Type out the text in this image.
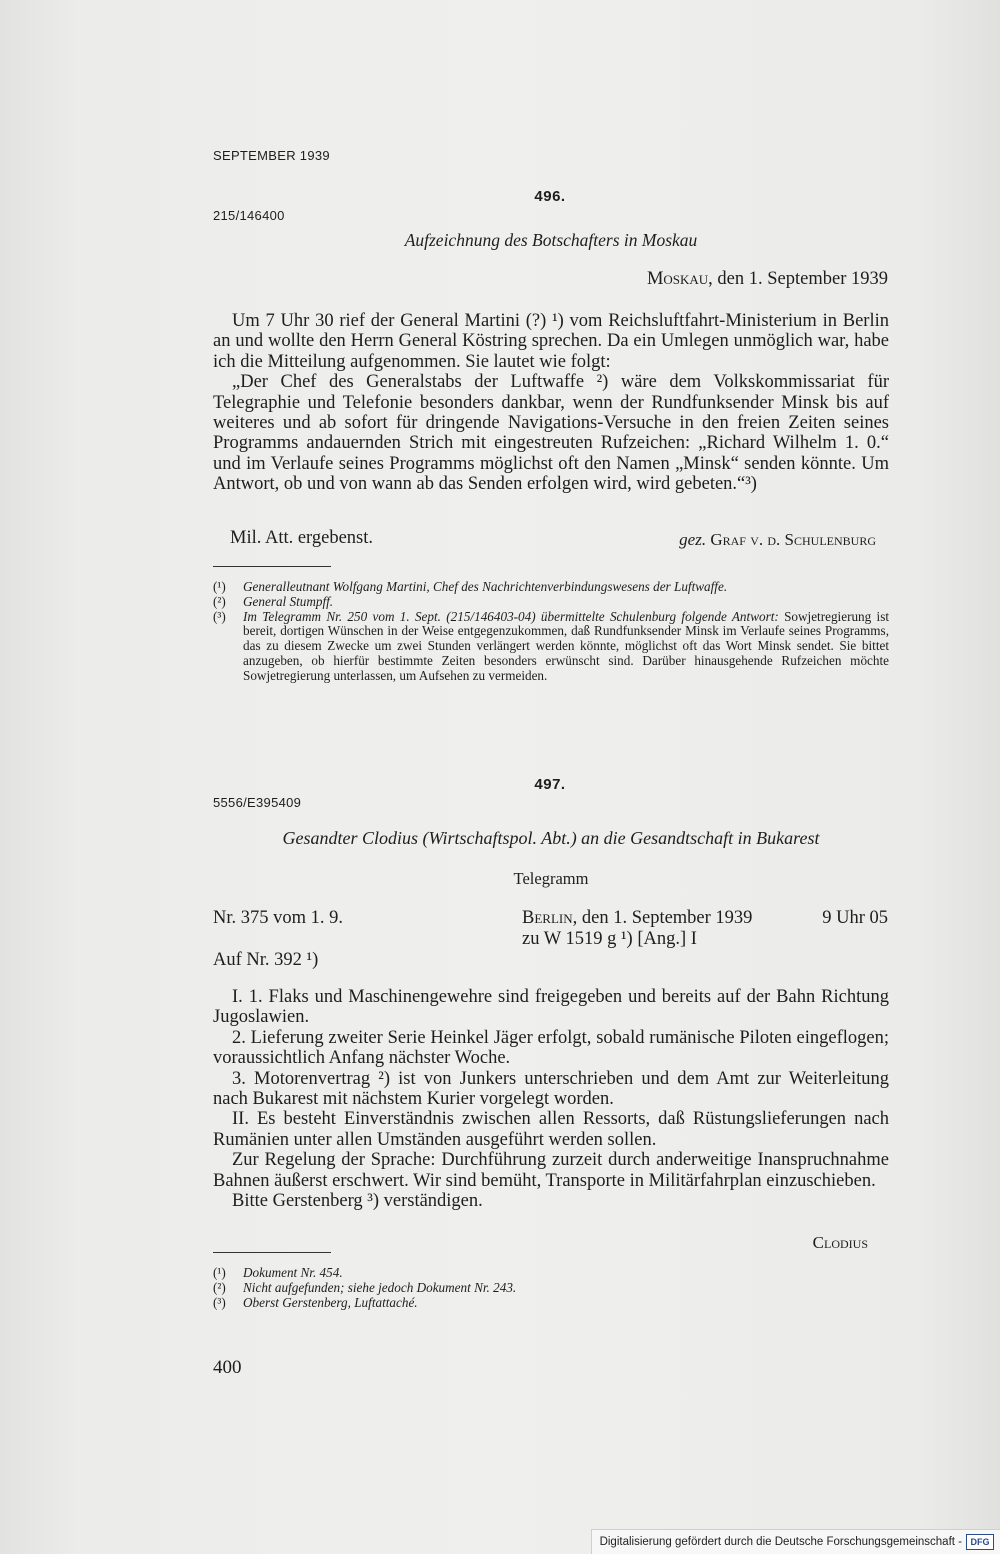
SEPTEMBER 1939
496.
215/146400
Aufzeichnung des Botschafters in Moskau
Moskau, den 1. September 1939

Um 7 Uhr 30 rief der General Martini (?) ¹) vom Reichsluftfahrt-Ministerium in Berlin an und wollte den Herrn General Köstring sprechen. Da ein Umlegen unmöglich war, habe ich die Mitteilung aufgenommen. Sie lautet wie folgt:

„Der Chef des Generalstabs der Luftwaffe ²) wäre dem Volkskommissariat für Telegraphie und Telefonie besonders dankbar, wenn der Rundfunksender Minsk bis auf weiteres und ab sofort für dringende Navigations-Versuche in den freien Zeiten seines Programms andauernden Strich mit eingestreuten Rufzeichen: „Richard Wilhelm 1. 0.“ und im Verlaufe seines Programms möglichst oft den Namen „Minsk“ senden könnte. Um Antwort, ob und von wann ab das Senden erfolgen wird, wird gebeten.“³)

Mil. Att. ergebenst.	gez. Graf v. d. Schulenburg
(¹)	Generalleutnant Wolfgang Martini, Chef des Nachrichtenverbindungswesens der Luftwaffe.
(²)	General Stumpff.
(³)	Im Telegramm Nr. 250 vom 1. Sept. (215/146403-04) übermittelte Schulenburg folgende Antwort: Sowjetregierung ist bereit, dortigen Wünschen in der Weise entgegenzukommen, daß Rundfunksender Minsk im Verlaufe seines Programms, das zu diesem Zwecke um zwei Stunden verlängert werden könnte, möglichst oft das Wort Minsk sendet. Sie bittet anzugeben, ob hierfür bestimmte Zeiten besonders erwünscht sind. Darüber hinausgehende Rufzeichen möchte Sowjetregierung unterlassen, um Aufsehen zu vermeiden.
497.
5556/E395409
Gesandter Clodius (Wirtschaftspol. Abt.) an die Gesandtschaft in Bukarest
Telegramm
Nr. 375 vom 1. 9.	Berlin, den 1. September 1939	9 Uhr 05
zu W 1519 g ¹) [Ang.] I
Auf Nr. 392 ¹)

I. 1. Flaks und Maschinengewehre sind freigegeben und bereits auf der Bahn Richtung Jugoslawien.

2. Lieferung zweiter Serie Heinkel Jäger erfolgt, sobald rumänische Piloten eingeflogen; voraussichtlich Anfang nächster Woche.

3. Motorenvertrag ²) ist von Junkers unterschrieben und dem Amt zur Weiterleitung nach Bukarest mit nächstem Kurier vorgelegt worden.

II. Es besteht Einverständnis zwischen allen Ressorts, daß Rüstungslieferungen nach Rumänien unter allen Umständen ausgeführt werden sollen.

Zur Regelung der Sprache: Durchführung zurzeit durch anderweitige Inanspruchnahme Bahnen äußerst erschwert. Wir sind bemüht, Transporte in Militärfahrplan einzuschieben.

Bitte Gerstenberg ³) verständigen.

Clodius
(¹)	Dokument Nr. 454.
(²)	Nicht aufgefunden; siehe jedoch Dokument Nr. 243.
(³)	Oberst Gerstenberg, Luftattaché.
400
Digitalisierung gefördert durch die Deutsche Forschungsgemeinschaft - DFG
